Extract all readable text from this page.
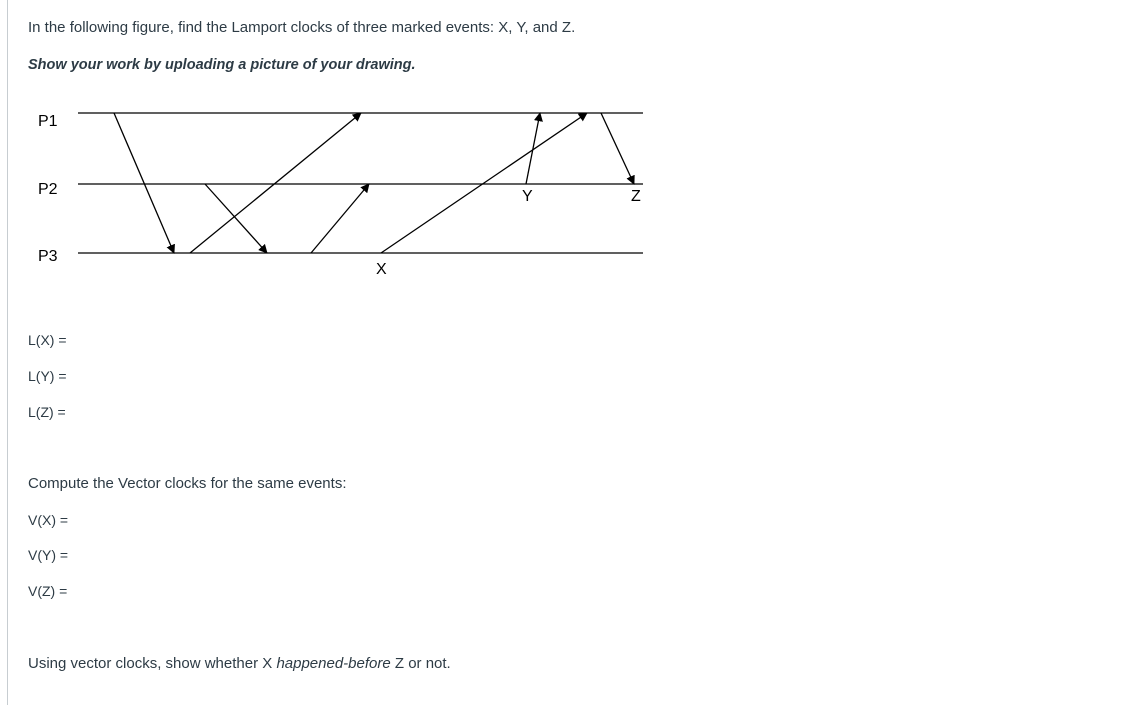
In the following figure, find the Lamport clocks of three marked events: X, Y, and Z.
Show your work by uploading a picture of your drawing.
P1
P2
P3
X
Y	Z
L(X) =
L(Y) =
L(Z) =
Compute the Vector clocks for the same events:
V(X) =
V(Y) =
V(Z) =
Using vector clocks, show whether X happened-before Z or not.
